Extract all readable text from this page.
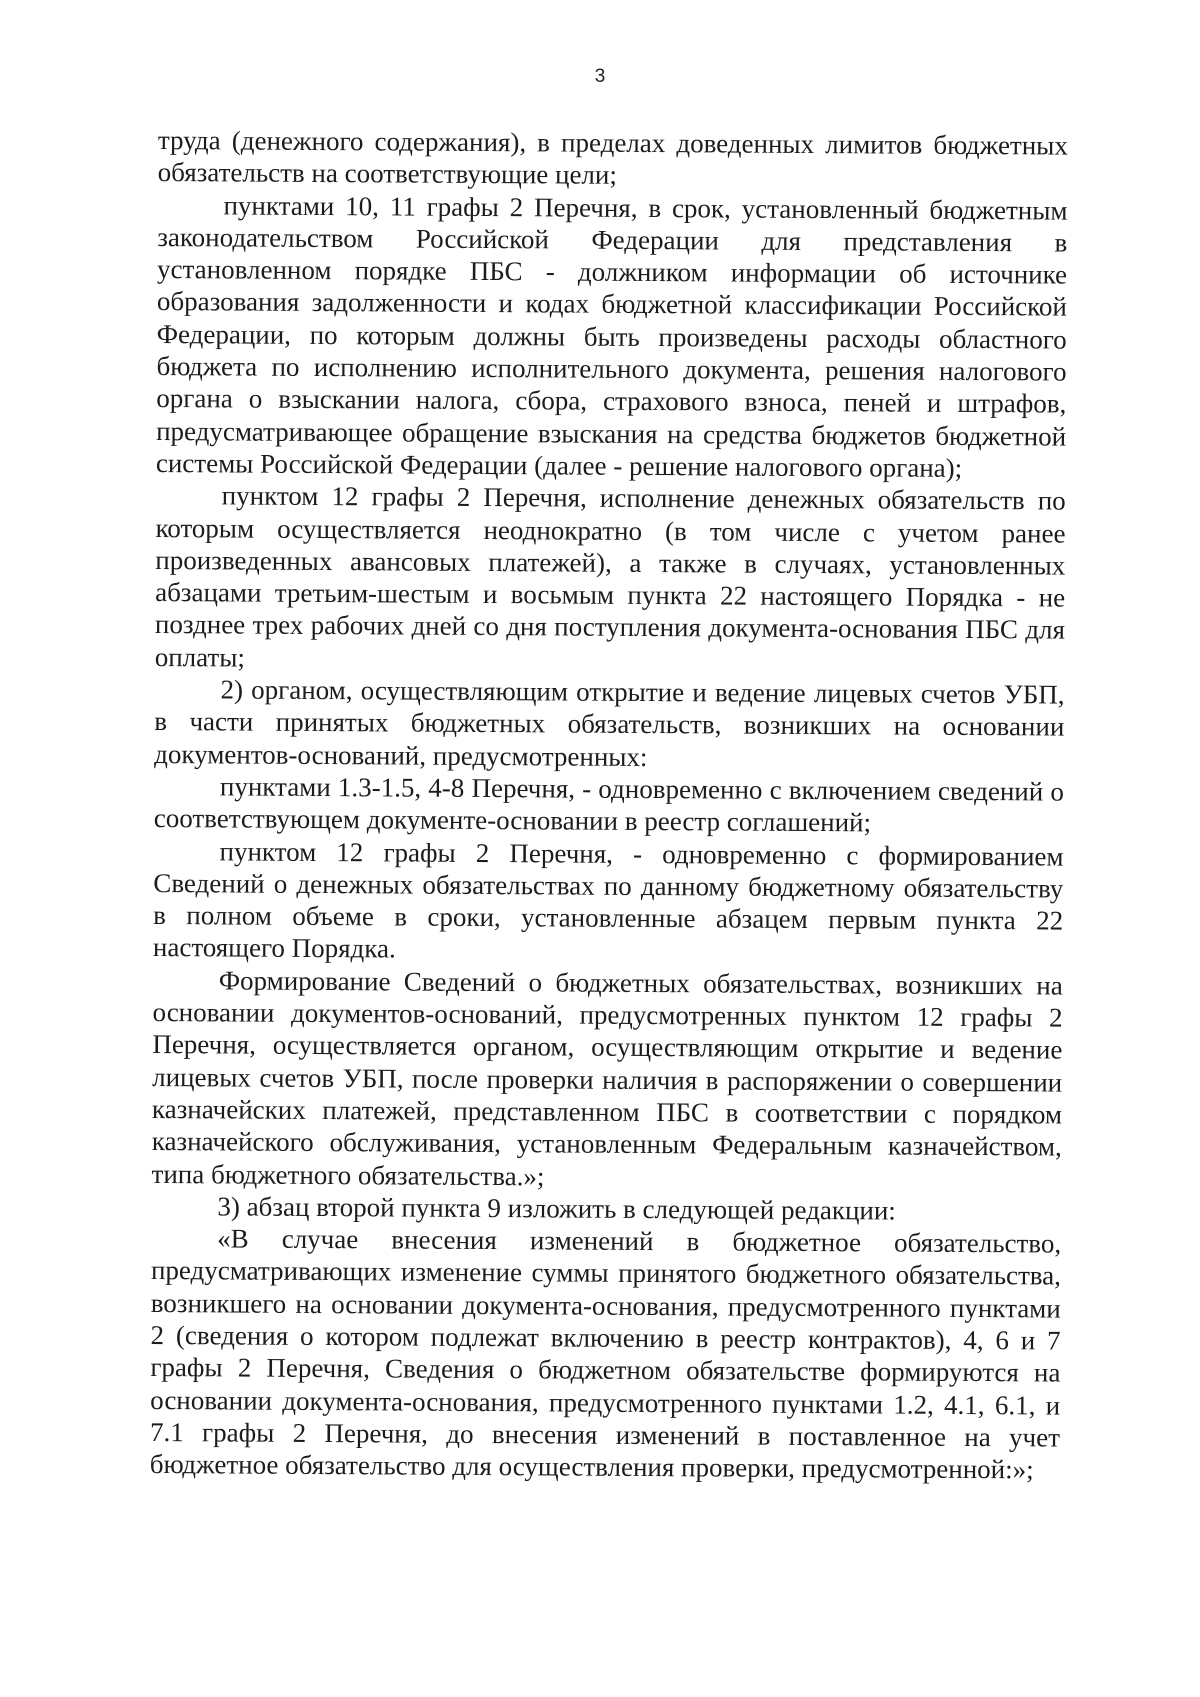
3

труда (денежного содержания), в пределах доведенных лимитов бюджетных обязательств на соответствующие цели;

пунктами 10, 11 графы 2 Перечня, в срок, установленный бюджетным законодательством Российской Федерации для представления в установленном порядке ПБС - должником информации об источнике образования задолженности и кодах бюджетной классификации Российской Федерации, по которым должны быть произведены расходы областного бюджета по исполнению исполнительного документа, решения налогового органа о взыскании налога, сбора, страхового взноса, пеней и штрафов, предусматривающее обращение взыскания на средства бюджетов бюджетной системы Российской Федерации (далее - решение налогового органа);

пунктом 12 графы 2 Перечня, исполнение денежных обязательств по которым осуществляется неоднократно (в том числе с учетом ранее произведенных авансовых платежей), а также в случаях, установленных абзацами третьим-шестым и восьмым пункта 22 настоящего Порядка - не позднее трех рабочих дней со дня поступления документа-основания ПБС для оплаты;

2) органом, осуществляющим открытие и ведение лицевых счетов УБП, в части принятых бюджетных обязательств, возникших на основании документов-оснований, предусмотренных:

пунктами 1.3-1.5, 4-8 Перечня, - одновременно с включением сведений о соответствующем документе-основании в реестр соглашений;

пунктом 12 графы 2 Перечня, - одновременно с формированием Сведений о денежных обязательствах по данному бюджетному обязательству в полном объеме в сроки, установленные абзацем первым пункта 22 настоящего Порядка.

Формирование Сведений о бюджетных обязательствах, возникших на основании документов-оснований, предусмотренных пунктом 12 графы 2 Перечня, осуществляется органом, осуществляющим открытие и ведение лицевых счетов УБП, после проверки наличия в распоряжении о совершении казначейских платежей, представленном ПБС в соответствии с порядком казначейского обслуживания, установленным Федеральным казначейством, типа бюджетного обязательства.»;

3) абзац второй пункта 9 изложить в следующей редакции:

«В случае внесения изменений в бюджетное обязательство, предусматривающих изменение суммы принятого бюджетного обязательства, возникшего на основании документа-основания, предусмотренного пунктами 2 (сведения о котором подлежат включению в реестр контрактов), 4, 6 и 7 графы 2 Перечня, Сведения о бюджетном обязательстве формируются на основании документа-основания, предусмотренного пунктами 1.2, 4.1, 6.1, и 7.1 графы 2 Перечня, до внесения изменений в поставленное на учет бюджетное обязательство для осуществления проверки, предусмотренной:»;
